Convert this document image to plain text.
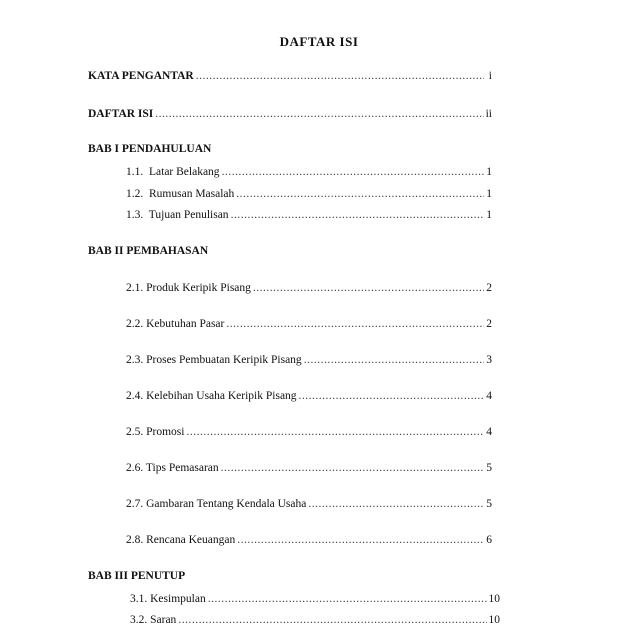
DAFTAR ISI
KATA PENGANTAR .....	i
DAFTAR ISI .....	ii
BAB I PENDAHULUAN
1.1.  Latar Belakang .....	1
1.2.  Rumusan Masalah .....	1
1.3.  Tujuan Penulisan .....	1
BAB II PEMBAHASAN
2.1. Produk Keripik Pisang .....	2
2.2. Kebutuhan Pasar .....	2
2.3. Proses Pembuatan Keripik Pisang .....	3
2.4. Kelebihan Usaha Keripik Pisang .....	4
2.5. Promosi .....	4
2.6. Tips Pemasaran .....	5
2.7. Gambaran Tentang Kendala Usaha .....	5
2.8. Rencana Keuangan .....	6
BAB III PENUTUP
3.1. Kesimpulan .....	10
3.2. Saran .....	10
